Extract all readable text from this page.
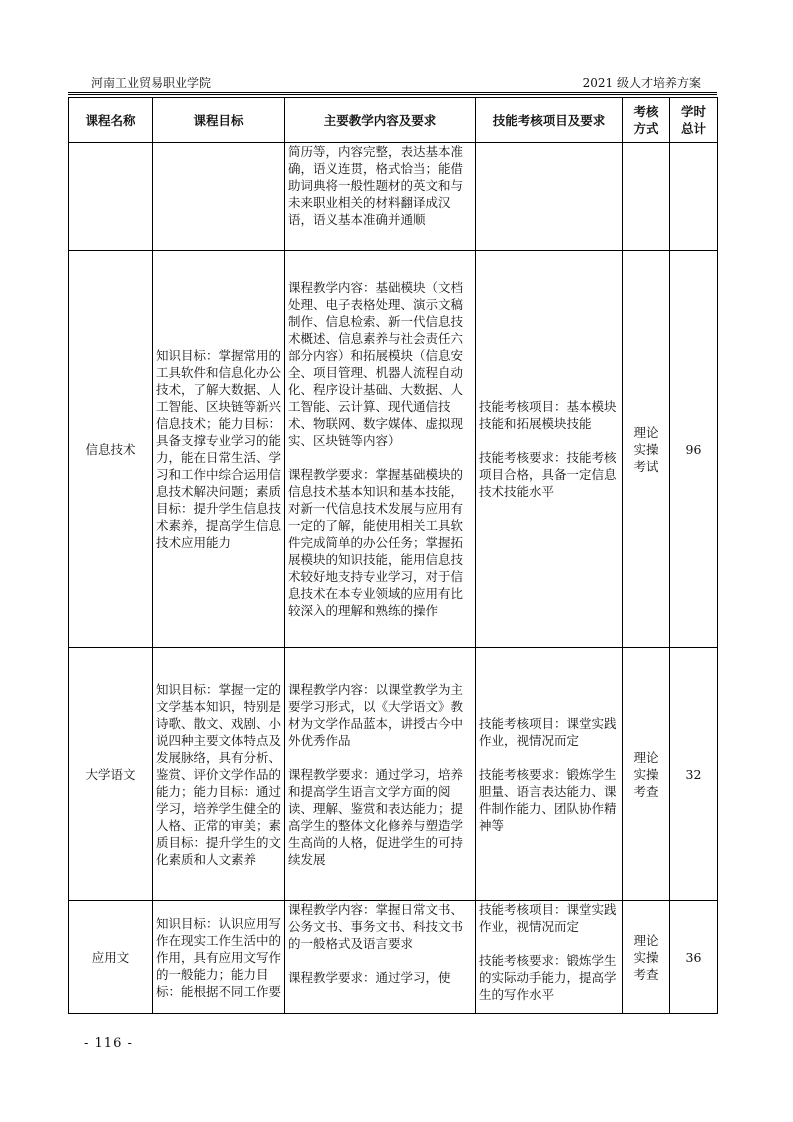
河南工业贸易职业学院	2021 级人才培养方案
课程名称	课程目标	主要教学内容及要求	技能考核项目及要求	考核方式	学时总计

		简历等，内容完整，表达基本准确，语义连贯，格式恰当；能借助词典将一般性题材的英文和与未来职业相关的材料翻译成汉语，语义基本准确并通顺			

信息技术	知识目标：掌握常用的工具软件和信息化办公技术，了解大数据、人工智能、区块链等新兴信息技术；能力目标：具备支撑专业学习的能力，能在日常生活、学习和工作中综合运用信息技术解决问题；素质目标：提升学生信息技术素养，提高学生信息技术应用能力	课程教学内容：基础模块（文档处理、电子表格处理、演示文稿制作、信息检索、新一代信息技术概述、信息素养与社会责任六部分内容）和拓展模块（信息安全、项目管理、机器人流程自动化、程序设计基础、大数据、人工智能、云计算、现代通信技术、物联网、数字媒体、虚拟现实、区块链等内容）
课程教学要求：掌握基础模块的信息技术基本知识和基本技能，对新一代信息技术发展与应用有一定的了解，能使用相关工具软件完成简单的办公任务；掌握拓展模块的知识技能，能用信息技术较好地支持专业学习，对于信息技术在本专业领域的应用有比较深入的理解和熟练的操作	技能考核项目：基本模块技能和拓展模块技能
技能考核要求：技能考核项目合格，具备一定信息技术技能水平	理论实操考试	96
大学语文	知识目标：掌握一定的文学基本知识，特别是诗歌、散文、戏剧、小说四种主要文体特点及发展脉络，具有分析、鉴赏、评价文学作品的能力；能力目标：通过学习，培养学生健全的人格、正常的审美；素质目标：提升学生的文化素质和人文素养	课程教学内容：以课堂教学为主要学习形式，以《大学语文》教材为文学作品蓝本，讲授古今中外优秀作品
课程教学要求：通过学习，培养和提高学生语言文学方面的阅读、理解、鉴赏和表达能力；提高学生的整体文化修养与塑造学生高尚的人格，促进学生的可持续发展	技能考核项目：课堂实践作业，视情况而定
技能考核要求：锻炼学生胆量、语言表达能力、课件制作能力、团队协作精神等	理论实操考查	32
应用文	知识目标：认识应用写作在现实工作生活中的作用，具有应用文写作的一般能力；能力目标：能根据不同工作要	课程教学内容：掌握日常文书、公务文书、事务文书、科技文书的一般格式及语言要求
课程教学要求：通过学习，使	技能考核项目：课堂实践作业，视情况而定
技能考核要求：锻炼学生的实际动手能力，提高学生的写作水平	理论实操考查	36
- 116 -
